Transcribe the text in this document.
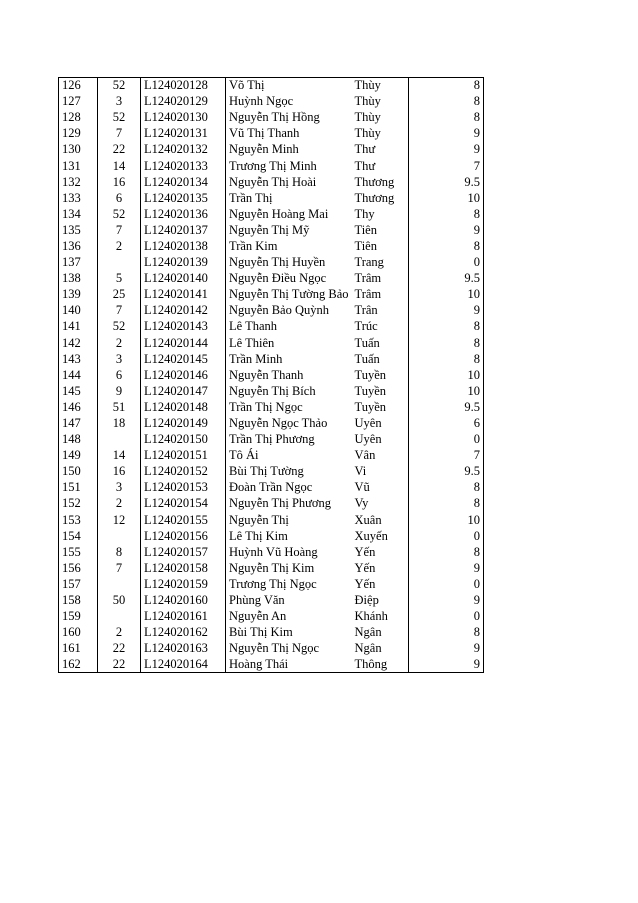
126	52	L124020128	Võ Thị	Thùy	8
127	3	L124020129	Huỳnh Ngọc	Thùy	8
128	52	L124020130	Nguyễn Thị Hồng	Thùy	8
129	7	L124020131	Vũ Thị Thanh	Thùy	9
130	22	L124020132	Nguyễn Minh	Thư	9
131	14	L124020133	Trương Thị Minh	Thư	7
132	16	L124020134	Nguyễn Thị Hoài	Thương	9.5
133	6	L124020135	Trần Thị	Thương	10
134	52	L124020136	Nguyễn Hoàng Mai	Thy	8
135	7	L124020137	Nguyễn Thị Mỹ	Tiên	9
136	2	L124020138	Trần Kim	Tiên	8
137		L124020139	Nguyễn Thị Huyền	Trang	0
138	5	L124020140	Nguyễn Điều Ngọc	Trâm	9.5
139	25	L124020141	Nguyễn Thị Tường Bảo	Trâm	10
140	7	L124020142	Nguyễn Bảo Quỳnh	Trân	9
141	52	L124020143	Lê Thanh	Trúc	8
142	2	L124020144	Lê Thiên	Tuấn	8
143	3	L124020145	Trần Minh	Tuấn	8
144	6	L124020146	Nguyễn Thanh	Tuyền	10
145	9	L124020147	Nguyễn Thị Bích	Tuyền	10
146	51	L124020148	Trần Thị Ngọc	Tuyền	9.5
147	18	L124020149	Nguyễn Ngọc Thảo	Uyên	6
148		L124020150	Trần Thị Phương	Uyên	0
149	14	L124020151	Tô Ái	Vân	7
150	16	L124020152	Bùi Thị Tường	Vi	9.5
151	3	L124020153	Đoàn Trần Ngọc	Vũ	8
152	2	L124020154	Nguyễn Thị Phương	Vy	8
153	12	L124020155	Nguyễn Thị	Xuân	10
154		L124020156	Lê Thị Kim	Xuyến	0
155	8	L124020157	Huỳnh Vũ Hoàng	Yến	8
156	7	L124020158	Nguyễn Thị Kim	Yến	9
157		L124020159	Trương Thị Ngọc	Yến	0
158	50	L124020160	Phùng Văn	Điệp	9
159		L124020161	Nguyễn An	Khánh	0
160	2	L124020162	Bùi Thị Kim	Ngân	8
161	22	L124020163	Nguyễn Thị Ngọc	Ngân	9
162	22	L124020164	Hoàng Thái	Thông	9
